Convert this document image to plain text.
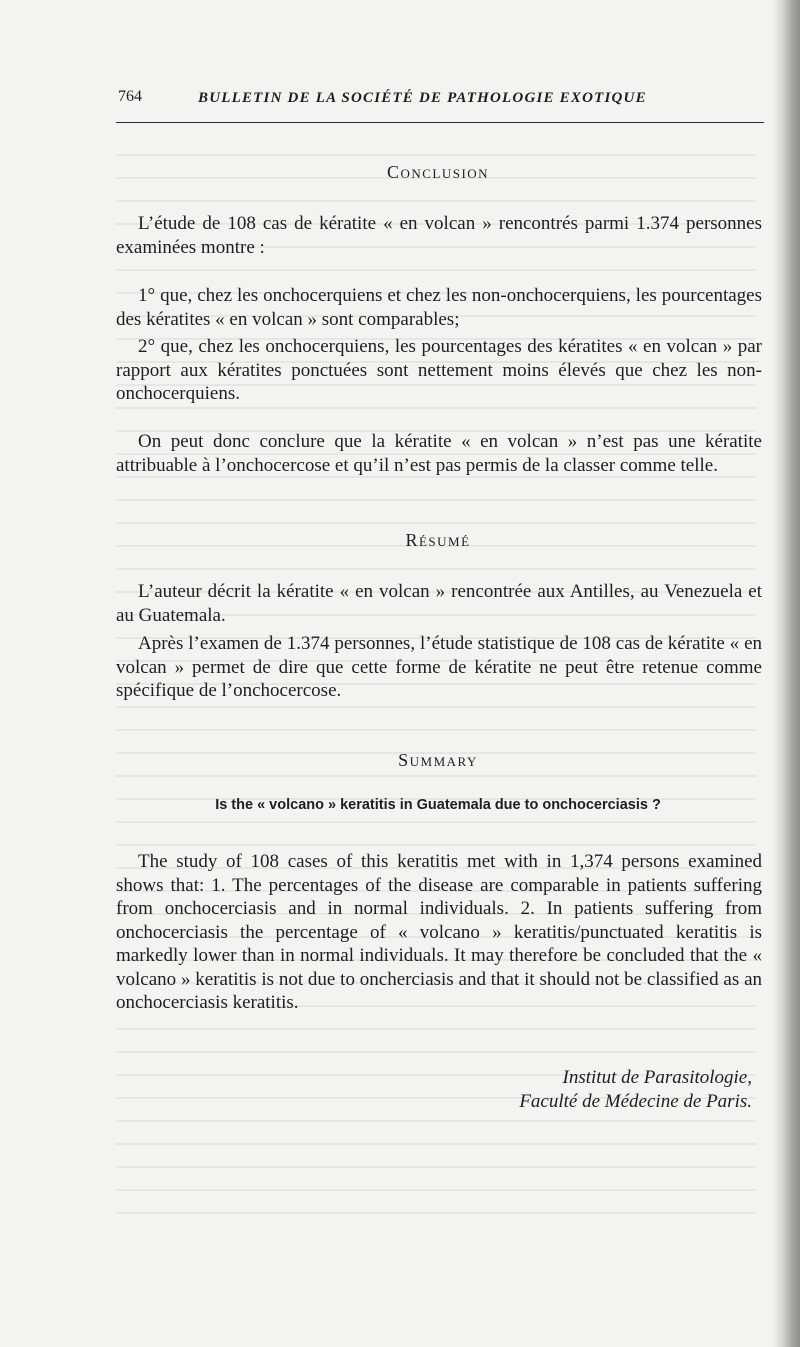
764	BULLETIN DE LA SOCIÉTÉ DE PATHOLOGIE EXOTIQUE
Conclusion

L’étude de 108 cas de kératite « en volcan » rencontrés parmi 1.374 personnes examinées montre :

1° que, chez les onchocerquiens et chez les non-onchocerquiens, les pourcentages des kératites « en volcan » sont comparables;

2° que, chez les onchocerquiens, les pourcentages des kératites « en volcan » par rapport aux kératites ponctuées sont nettement moins élevés que chez les non-onchocerquiens.

On peut donc conclure que la kératite « en volcan » n’est pas une kératite attribuable à l’onchocercose et qu’il n’est pas permis de la classer comme telle.

Résumé

L’auteur décrit la kératite « en volcan » rencontrée aux Antilles, au Venezuela et au Guatemala.

Après l’examen de 1.374 personnes, l’étude statistique de 108 cas de kératite « en volcan » permet de dire que cette forme de kératite ne peut être retenue comme spécifique de l’onchocercose.

Summary
Is the « volcano » keratitis in Guatemala due to onchocerciasis ?

The study of 108 cases of this keratitis met with in 1,374 persons examined shows that: 1. The percentages of the disease are comparable in patients suffering from onchocerciasis and in normal individuals. 2. In patients suffering from onchocerciasis the percentage of « volcano » keratitis/punctuated keratitis is markedly lower than in normal individuals. It may therefore be concluded that the « volcano » keratitis is not due to oncherciasis and that it should not be classified as an onchocerciasis keratitis.

Institut de Parasitologie,
Faculté de Médecine de Paris.
